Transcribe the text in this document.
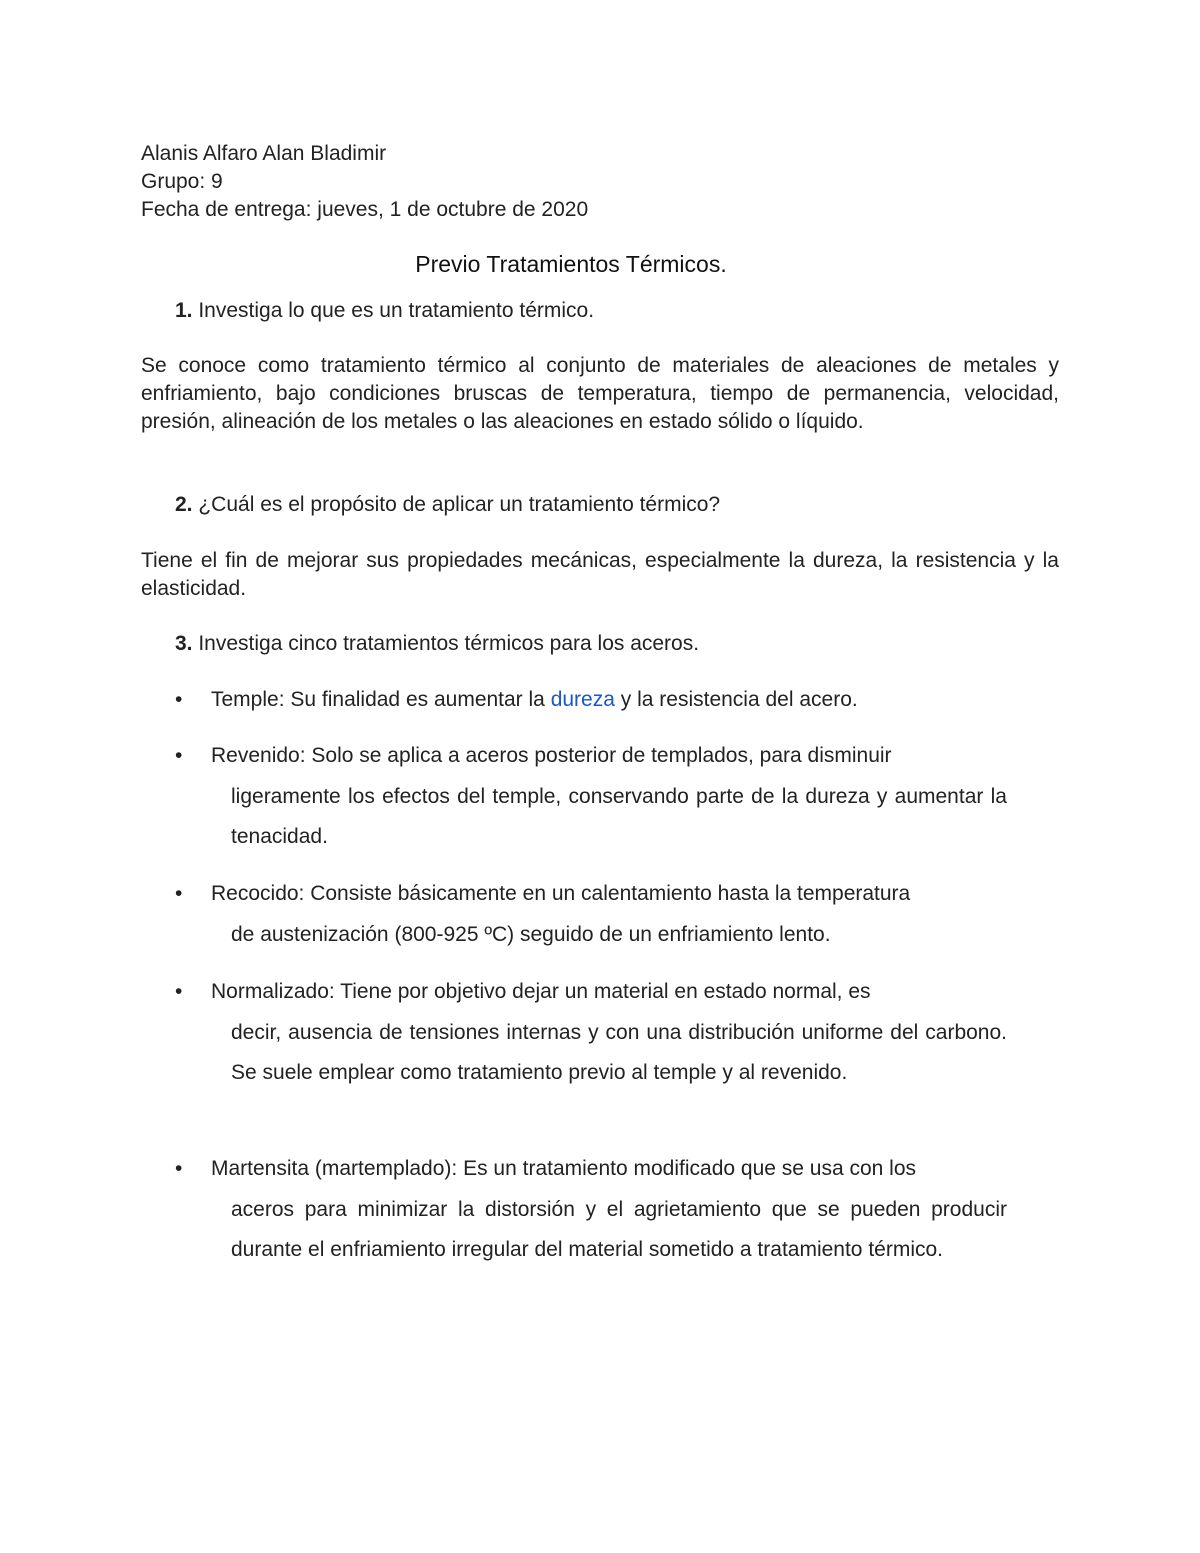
Alanis Alfaro Alan Bladimir
Grupo: 9
Fecha de entrega: jueves, 1 de octubre de 2020
Previo Tratamientos Térmicos.
1. Investiga lo que es un tratamiento térmico.
Se conoce como tratamiento térmico al conjunto de materiales de aleaciones de metales y enfriamiento, bajo condiciones bruscas de temperatura, tiempo de permanencia, velocidad, presión, alineación de los metales o las aleaciones en estado sólido o líquido.
2. ¿Cuál es el propósito de aplicar un tratamiento térmico?
Tiene el fin de mejorar sus propiedades mecánicas, especialmente la dureza, la resistencia y la elasticidad.
3. Investiga cinco tratamientos térmicos para los aceros.
•	Temple: Su finalidad es aumentar la dureza y la resistencia del acero.
•	Revenido: Solo se aplica a aceros posterior de templados, para disminuir
ligeramente los efectos del temple, conservando parte de la dureza y aumentar la tenacidad.
•	Recocido: Consiste básicamente en un calentamiento hasta la temperatura
de austenización (800-925 ºC) seguido de un enfriamiento lento.
•	Normalizado: Tiene por objetivo dejar un material en estado normal, es
decir, ausencia de tensiones internas y con una distribución uniforme del carbono. Se suele emplear como tratamiento previo al temple y al revenido.
•	Martensita (martemplado): Es un tratamiento modificado que se usa con los
aceros para minimizar la distorsión y el agrietamiento que se pueden producir durante el enfriamiento irregular del material sometido a tratamiento térmico.
